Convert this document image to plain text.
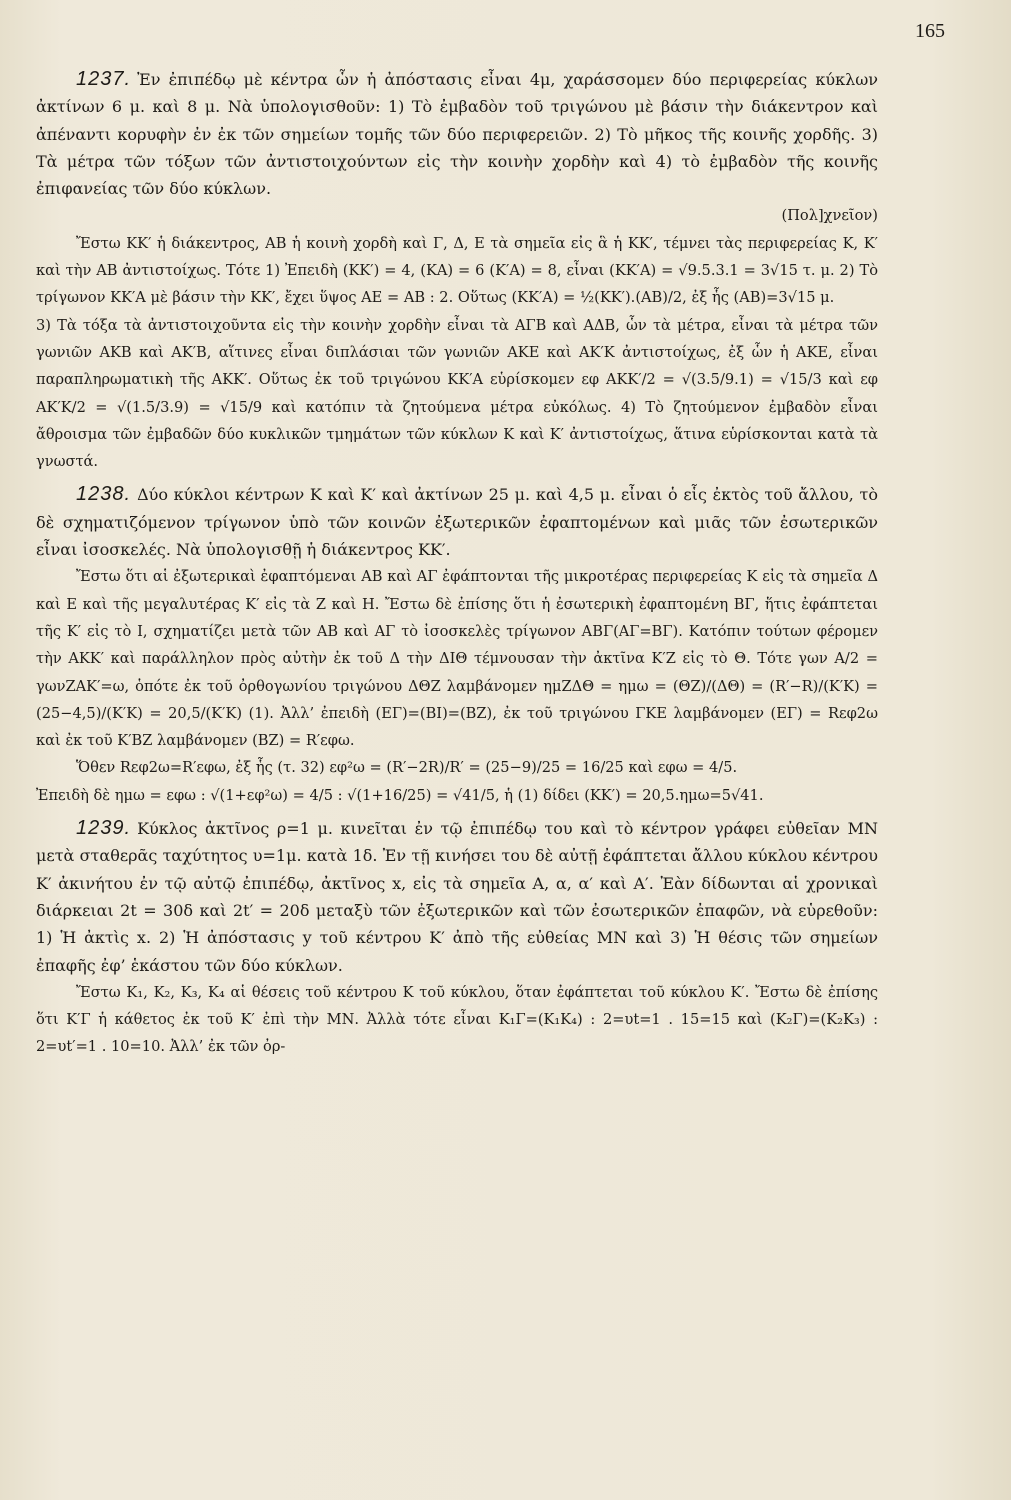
165

1237. Ἐν ἐπιπέδῳ μὲ κέντρα ὧν ἡ ἀπόστασις εἶναι 4μ, χαράσσομεν δύο περιφερείας κύκλων ἀκτίνων 6 μ. καὶ 8 μ. Νὰ ὑπολογισθοῦν: 1) Τὸ ἐμβαδὸν τοῦ τριγώνου μὲ βάσιν τὴν διάκεντρον καὶ ἀπέναντι κορυφὴν ἐν ἐκ τῶν σημείων τομῆς τῶν δύο περιφερειῶν. 2) Τὸ μῆκος τῆς κοινῆς χορδῆς. 3) Τὰ μέτρα τῶν τόξων τῶν ἀντιστοιχούντων εἰς τὴν κοινὴν χορδὴν καὶ 4) τὸ ἐμβαδὸν τῆς κοινῆς ἐπιφανείας τῶν δύο κύκλων.

(Πολ]χνεῖον)

Ἔστω ΚΚ′ ἡ διάκεντρος, ΑΒ ἡ κοινὴ χορδὴ καὶ Γ, Δ, Ε τὰ σημεῖα εἰς ἃ ἡ ΚΚ′, τέμνει τὰς περιφερείας Κ, Κ′ καὶ τὴν ΑΒ ἀντιστοίχως. Τότε 1) Ἐπειδὴ (ΚΚ′) = 4, (ΚΑ) = 6 (Κ′Α) = 8, εἶναι (ΚΚ′Α) = √9.5.3.1 = 3√15 τ. μ. 2) Τὸ τρίγωνον ΚΚ′Α μὲ βάσιν τὴν ΚΚ′, ἔχει ὕψος ΑΕ = ΑΒ : 2. Οὕτως (ΚΚ′Α) = ½(ΚΚ′).(ΑΒ)/2, ἐξ ἧς (ΑΒ)=3√15 μ.

3) Τὰ τόξα τὰ ἀντιστοιχοῦντα εἰς τὴν κοινὴν χορδὴν εἶναι τὰ ΑΓΒ καὶ ΑΔΒ, ὧν τὰ μέτρα, εἶναι τὰ μέτρα τῶν γωνιῶν ΑΚΒ καὶ ΑΚ′Β, αἵτινες εἶναι διπλάσιαι τῶν γωνιῶν ΑΚΕ καὶ ΑΚ′Κ ἀντιστοίχως, ἐξ ὧν ἡ ΑΚΕ, εἶναι παραπληρωματικὴ τῆς ΑΚΚ′. Οὕτως ἐκ τοῦ τριγώνου ΚΚ′Α εὑρίσκομεν εφ ΑΚΚ′/2 = √(3.5/9.1) = √15/3 καὶ εφ ΑΚ′Κ/2 = √(1.5/3.9) = √15/9 καὶ κατόπιν τὰ ζητούμενα μέτρα εὐκόλως. 4) Τὸ ζητούμενον ἐμβαδὸν εἶναι ἄθροισμα τῶν ἐμβαδῶν δύο κυκλικῶν τμημάτων τῶν κύκλων Κ καὶ Κ′ ἀντιστοίχως, ἅτινα εὑρίσκονται κατὰ τὰ γνωστά.

1238. Δύο κύκλοι κέντρων Κ καὶ Κ′ καὶ ἀκτίνων 25 μ. καὶ 4,5 μ. εἶναι ὁ εἷς ἐκτὸς τοῦ ἄλλου, τὸ δὲ σχηματιζόμενον τρίγωνον ὑπὸ τῶν κοινῶν ἐξωτερικῶν ἐφαπτομένων καὶ μιᾶς τῶν ἐσωτερικῶν εἶναι ἰσοσκελές. Νὰ ὑπολογισθῇ ἡ διάκεντρος ΚΚ′.

Ἔστω ὅτι αἱ ἐξωτερικαὶ ἐφαπτόμεναι ΑΒ καὶ ΑΓ ἐφάπτονται τῆς μικροτέρας περιφερείας Κ εἰς τὰ σημεῖα Δ καὶ Ε καὶ τῆς μεγαλυτέρας Κ′ εἰς τὰ Ζ καὶ Η. Ἔστω δὲ ἐπίσης ὅτι ἡ ἐσωτερικὴ ἐφαπτομένη ΒΓ, ἥτις ἐφάπτεται τῆς Κ′ εἰς τὸ Ι, σχηματίζει μετὰ τῶν ΑΒ καὶ ΑΓ τὸ ἰσοσκελὲς τρίγωνον ΑΒΓ(ΑΓ=ΒΓ). Κατόπιν τούτων φέρομεν τὴν ΑΚΚ′ καὶ παράλληλον πρὸς αὐτὴν ἐκ τοῦ Δ τὴν ΔΙΘ τέμνουσαν τὴν ἀκτῖνα Κ′Ζ εἰς τὸ Θ. Τότε γων Α/2 = γωνΖΑΚ′=ω, ὁπότε ἐκ τοῦ ὀρθογωνίου τριγώνου ΔΘΖ λαμβάνομεν ημΖΔΘ = ημω = (ΘΖ)/(ΔΘ) = (R′−R)/(Κ′Κ) = (25−4,5)/(Κ′Κ) = 20,5/(Κ′Κ) (1). Ἀλλ’ ἐπειδὴ (ΕΓ)=(ΒΙ)=(ΒΖ), ἐκ τοῦ τριγώνου ΓΚΕ λαμβάνομεν (ΕΓ) = Rεφ2ω καὶ ἐκ τοῦ Κ′ΒΖ λαμβάνομεν (ΒΖ) = R′εφω.

Ὅθεν Rεφ2ω=R′εφω, ἐξ ἧς (τ. 32) εφ²ω = (R′−2R)/R′ = (25−9)/25 = 16/25 καὶ εφω = 4/5.

Ἐπειδὴ δὲ ημω = εφω : √(1+εφ²ω) = 4/5 : √(1+16/25) = √41/5, ἡ (1) δίδει (ΚΚ′) = 20,5.ημω=5√41.

1239. Κύκλος ἀκτῖνος ρ=1 μ. κινεῖται ἐν τῷ ἐπιπέδῳ του καὶ τὸ κέντρον γράφει εὐθεῖαν ΜΝ μετὰ σταθερᾶς ταχύτητος υ=1μ. κατὰ 1δ. Ἐν τῇ κινήσει του δὲ αὐτῇ ἐφάπτεται ἄλλου κύκλου κέντρου Κ′ ἀκινήτου ἐν τῷ αὐτῷ ἐπιπέδῳ, ἀκτῖνος x, εἰς τὰ σημεῖα Α, α, α′ καὶ Α′. Ἐὰν δίδωνται αἱ χρονικαὶ διάρκειαι 2t = 30δ καὶ 2t′ = 20δ μεταξὺ τῶν ἐξωτερικῶν καὶ τῶν ἐσωτερικῶν ἐπαφῶν, νὰ εὑρεθοῦν: 1) Ἡ ἀκτὶς x. 2) Ἡ ἀπόστασις y τοῦ κέντρου Κ′ ἀπὸ τῆς εὐθείας ΜΝ καὶ 3) Ἡ θέσις τῶν σημείων ἐπαφῆς ἐφ’ ἑκάστου τῶν δύο κύκλων.

Ἔστω Κ₁, Κ₂, Κ₃, Κ₄ αἱ θέσεις τοῦ κέντρου Κ τοῦ κύκλου, ὅταν ἐφάπτεται τοῦ κύκλου Κ′. Ἔστω δὲ ἐπίσης ὅτι Κ′Γ ἡ κάθετος ἐκ τοῦ Κ′ ἐπὶ τὴν ΜΝ. Ἀλλὰ τότε εἶναι Κ₁Γ=(Κ₁Κ₄) : 2=υt=1 . 15=15 καὶ (Κ₂Γ)=(Κ₂Κ₃) : 2=υt′=1 . 10=10. Ἀλλ’ ἐκ τῶν ὀρ-
